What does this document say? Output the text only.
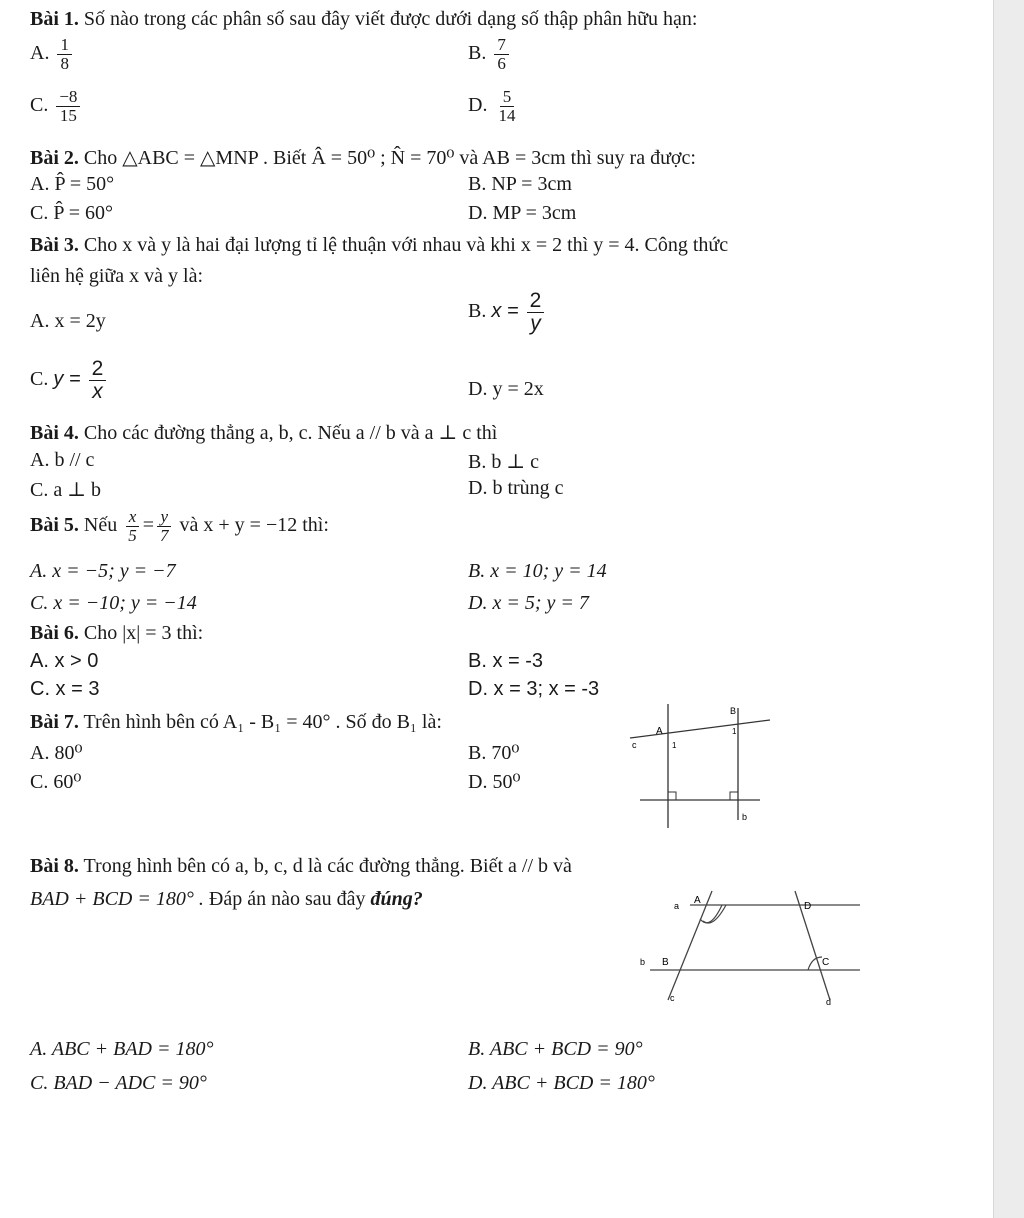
Bài 1. Số nào trong các phân số sau đây viết được dưới dạng số thập phân hữu hạn:
A. $\frac{1}{8}$	B. $\frac{7}{6}$
C. $\frac{-8}{15}$	D. $\frac{5}{14}$
Bài 2. Cho △ABC = △MNP . Biết Â = 50⁰ ; N̂ = 70⁰ và AB = 3cm thì suy ra được:
A. P̂ = 50°	B. NP = 3cm
C. P̂ = 60°	D. MP = 3cm
Bài 3. Cho x và y là hai đại lượng tỉ lệ thuận với nhau và khi x = 2 thì y = 4. Công thức
liên hệ giữa x và y là:
A. x = 2y	B. $x = \frac{2}{y}$
C. $y = \frac{2}{x}$	D. y = 2x
Bài 4. Cho các đường thẳng a, b, c. Nếu a // b và a ⊥ c thì
A. b // c	B. b ⊥ c
C. a ⊥ b	D. b trùng c
Bài 5. Nếu $\frac{x}{5} = \frac{y}{7}$ và x + y = −12 thì:
A. x = −5; y = −7	B. x = 10; y = 14
C. x = −10; y = −14	D. x = 5; y = 7
Bài 6. Cho |x| = 3 thì:
A. x > 0	B. x = -3
C. x = 3	D. x = 3; x = -3
Bài 7. Trên hình bên có A₁ - B₁ = 40° . Số đo B₁ là:
A. 80⁰	B. 70⁰
C. 60⁰	D. 50⁰
c
A
B
1
1
b
Bài 8. Trong hình bên có a, b, c, d là các đường thẳng. Biết a // b và
BAD + BCD = 180° . Đáp án nào sau đây đúng?	a A
D
b B	C
c	d
A. ABC + BAD = 180°	B. ABC + BCD = 90°
C. BAD − ADC = 90°	D. ABC + BCD = 180°
